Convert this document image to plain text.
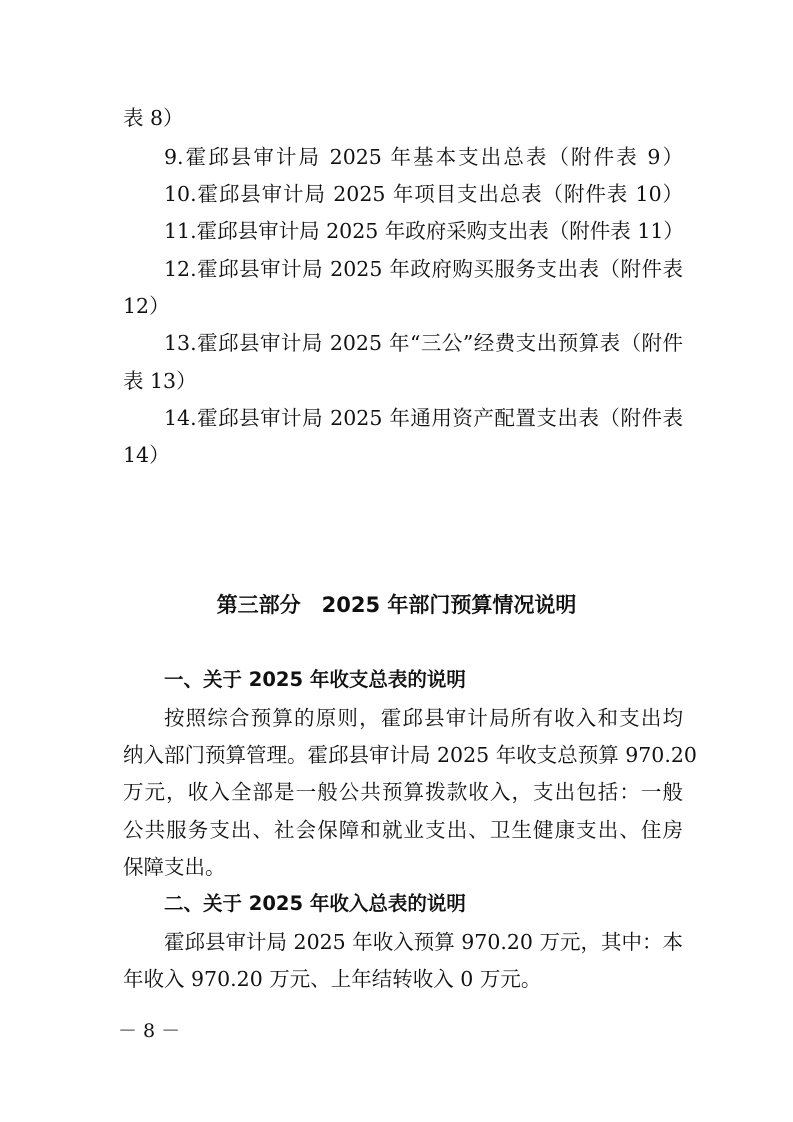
表 8）
9.霍邱县审计局 2025 年基本支出总表（附件表 9）
10.霍邱县审计局 2025 年项目支出总表（附件表 10）
11.霍邱县审计局 2025 年政府采购支出表（附件表 11）
12.霍邱县审计局 2025 年政府购买服务支出表（附件表
12）
13.霍邱县审计局 2025 年“三公”经费支出预算表（附件
表 13）
14.霍邱县审计局 2025 年通用资产配置支出表（附件表
14）
第三部分　2025 年部门预算情况说明
一、关于 2025 年收支总表的说明
按照综合预算的原则，霍邱县审计局所有收入和支出均
纳入部门预算管理。霍邱县审计局 2025 年收支总预算 970.20
万元，收入全部是一般公共预算拨款收入，支出包括：一般
公共服务支出、社会保障和就业支出、卫生健康支出、住房
保障支出。
二、关于 2025 年收入总表的说明
霍邱县审计局 2025 年收入预算 970.20 万元，其中：本
年收入 970.20 万元、上年结转收入 0 万元。
－ 8 －
